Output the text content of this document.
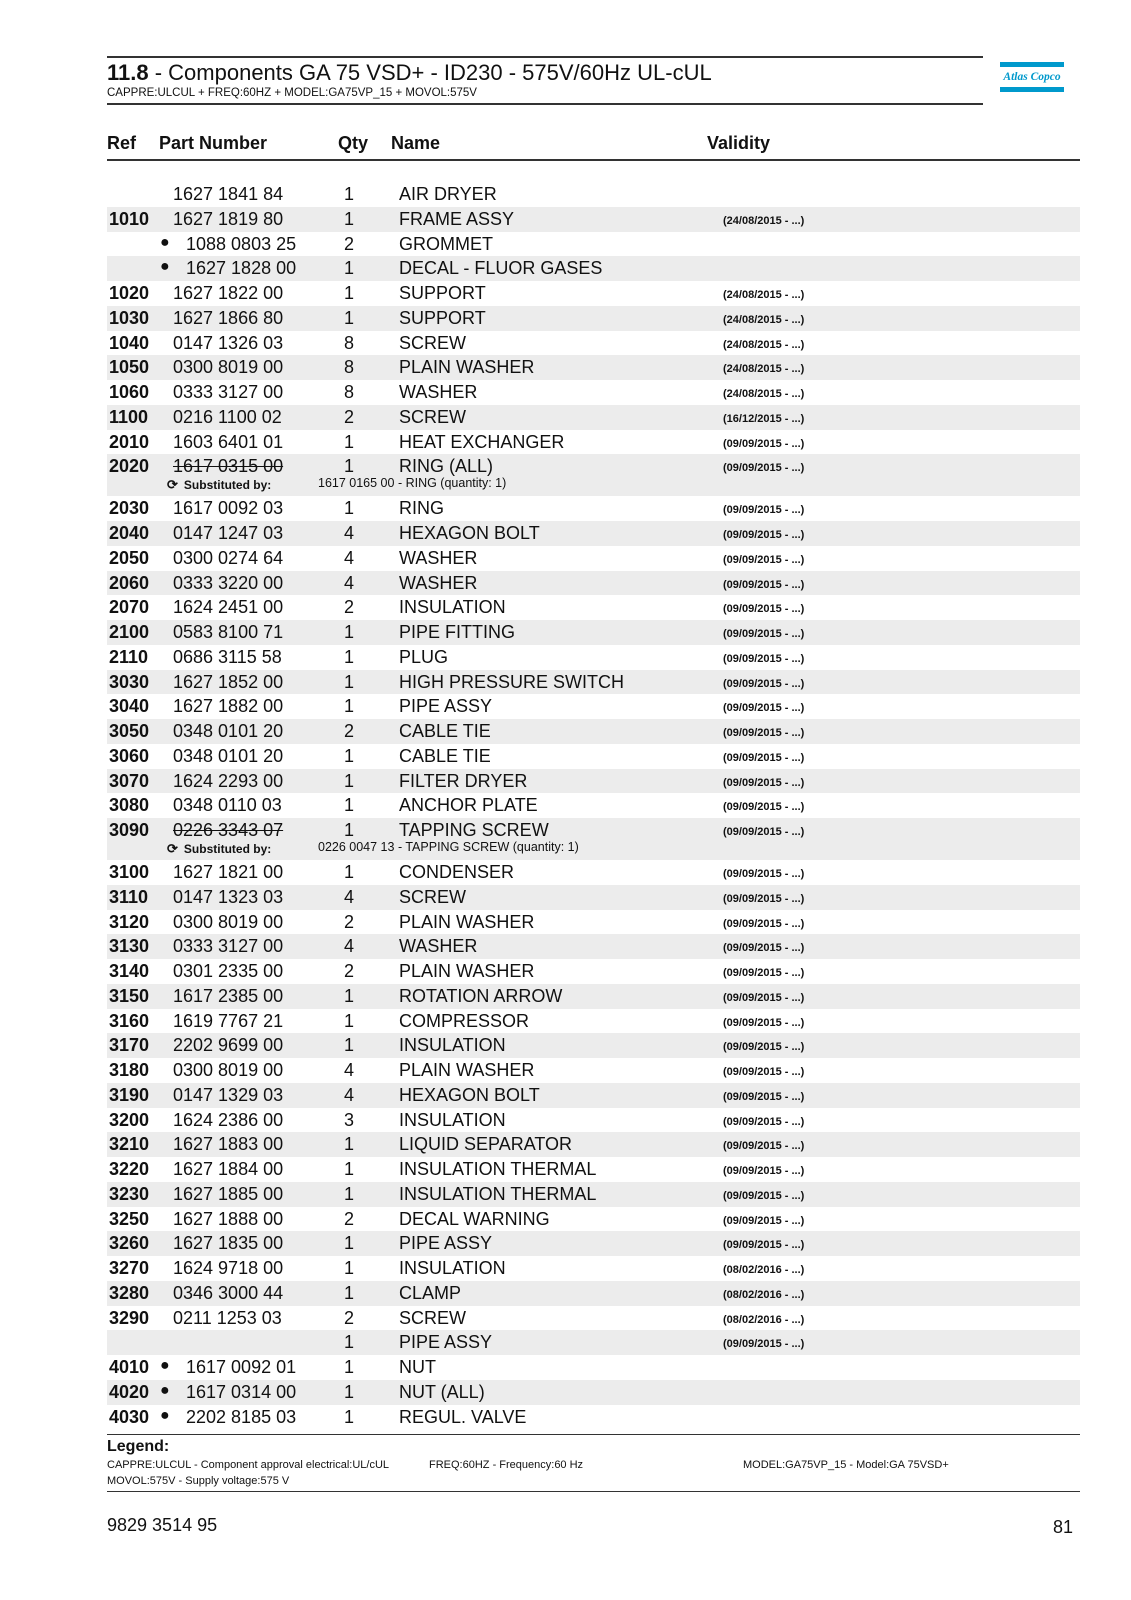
11.8 - Components GA 75 VSD+ - ID230 - 575V/60Hz UL-cUL
CAPPRE:ULCUL + FREQ:60HZ + MODEL:GA75VP_15 + MOVOL:575V
Atlas Copco
Ref Part Number	Qty Name	Validity
1627 1841 84	1 AIR DRYER
1010 1627 1819 80	1 FRAME ASSY	(24/08/2015 - ...)
● 1088 0803 25	2 GROMMET
● 1627 1828 00	1 DECAL - FLUOR GASES
1020 1627 1822 00	1 SUPPORT	(24/08/2015 - ...)
1030 1627 1866 80	1 SUPPORT	(24/08/2015 - ...)
1040 0147 1326 03	8 SCREW	(24/08/2015 - ...)
1050 0300 8019 00	8 PLAIN WASHER	(24/08/2015 - ...)
1060 0333 3127 00	8 WASHER	(24/08/2015 - ...)
1100 0216 1100 02	2 SCREW	(16/12/2015 - ...)
2010 1603 6401 01	1 HEAT EXCHANGER	(09/09/2015 - ...)
2020 1617 0315 00	1 RING (ALL)	(09/09/2015 - ...)
⟳ Substituted by:	1617 0165 00 - RING (quantity: 1)
2030 1617 0092 03	1 RING	(09/09/2015 - ...)
2040 0147 1247 03	4 HEXAGON BOLT	(09/09/2015 - ...)
2050 0300 0274 64	4 WASHER	(09/09/2015 - ...)
2060 0333 3220 00	4 WASHER	(09/09/2015 - ...)
2070 1624 2451 00	2 INSULATION	(09/09/2015 - ...)
2100 0583 8100 71	1 PIPE FITTING	(09/09/2015 - ...)
2110 0686 3115 58	1 PLUG	(09/09/2015 - ...)
3030 1627 1852 00	1 HIGH PRESSURE SWITCH	(09/09/2015 - ...)
3040 1627 1882 00	1 PIPE ASSY	(09/09/2015 - ...)
3050 0348 0101 20	2 CABLE TIE	(09/09/2015 - ...)
3060 0348 0101 20	1 CABLE TIE	(09/09/2015 - ...)
3070 1624 2293 00	1 FILTER DRYER	(09/09/2015 - ...)
3080 0348 0110 03	1 ANCHOR PLATE	(09/09/2015 - ...)
3090 0226 3343 07	1 TAPPING SCREW	(09/09/2015 - ...)
⟳ Substituted by:	0226 0047 13 - TAPPING SCREW (quantity: 1)
3100 1627 1821 00	1 CONDENSER	(09/09/2015 - ...)
3110 0147 1323 03	4 SCREW	(09/09/2015 - ...)
3120 0300 8019 00	2 PLAIN WASHER	(09/09/2015 - ...)
3130 0333 3127 00	4 WASHER	(09/09/2015 - ...)
3140 0301 2335 00	2 PLAIN WASHER	(09/09/2015 - ...)
3150 1617 2385 00	1 ROTATION ARROW	(09/09/2015 - ...)
3160 1619 7767 21	1 COMPRESSOR	(09/09/2015 - ...)
3170 2202 9699 00	1 INSULATION	(09/09/2015 - ...)
3180 0300 8019 00	4 PLAIN WASHER	(09/09/2015 - ...)
3190 0147 1329 03	4 HEXAGON BOLT	(09/09/2015 - ...)
3200 1624 2386 00	3 INSULATION	(09/09/2015 - ...)
3210 1627 1883 00	1 LIQUID SEPARATOR	(09/09/2015 - ...)
3220 1627 1884 00	1 INSULATION THERMAL	(09/09/2015 - ...)
3230 1627 1885 00	1 INSULATION THERMAL	(09/09/2015 - ...)
3250 1627 1888 00	2 DECAL WARNING	(09/09/2015 - ...)
3260 1627 1835 00	1 PIPE ASSY	(09/09/2015 - ...)
3270 1624 9718 00	1 INSULATION	(08/02/2016 - ...)
3280 0346 3000 44	1 CLAMP	(08/02/2016 - ...)
3290 0211 1253 03	2 SCREW	(08/02/2016 - ...)
1 PIPE ASSY	(09/09/2015 - ...)
4010 ● 1617 0092 01	1 NUT
4020 ● 1617 0314 00	1 NUT (ALL)
4030 ● 2202 8185 03	1 REGUL. VALVE
Legend:
CAPPRE:ULCUL - Component approval electrical:UL/cUL	FREQ:60HZ - Frequency:60 Hz	MODEL:GA75VP_15 - Model:GA 75VSD+
MOVOL:575V - Supply voltage:575 V
9829 3514 95	81
